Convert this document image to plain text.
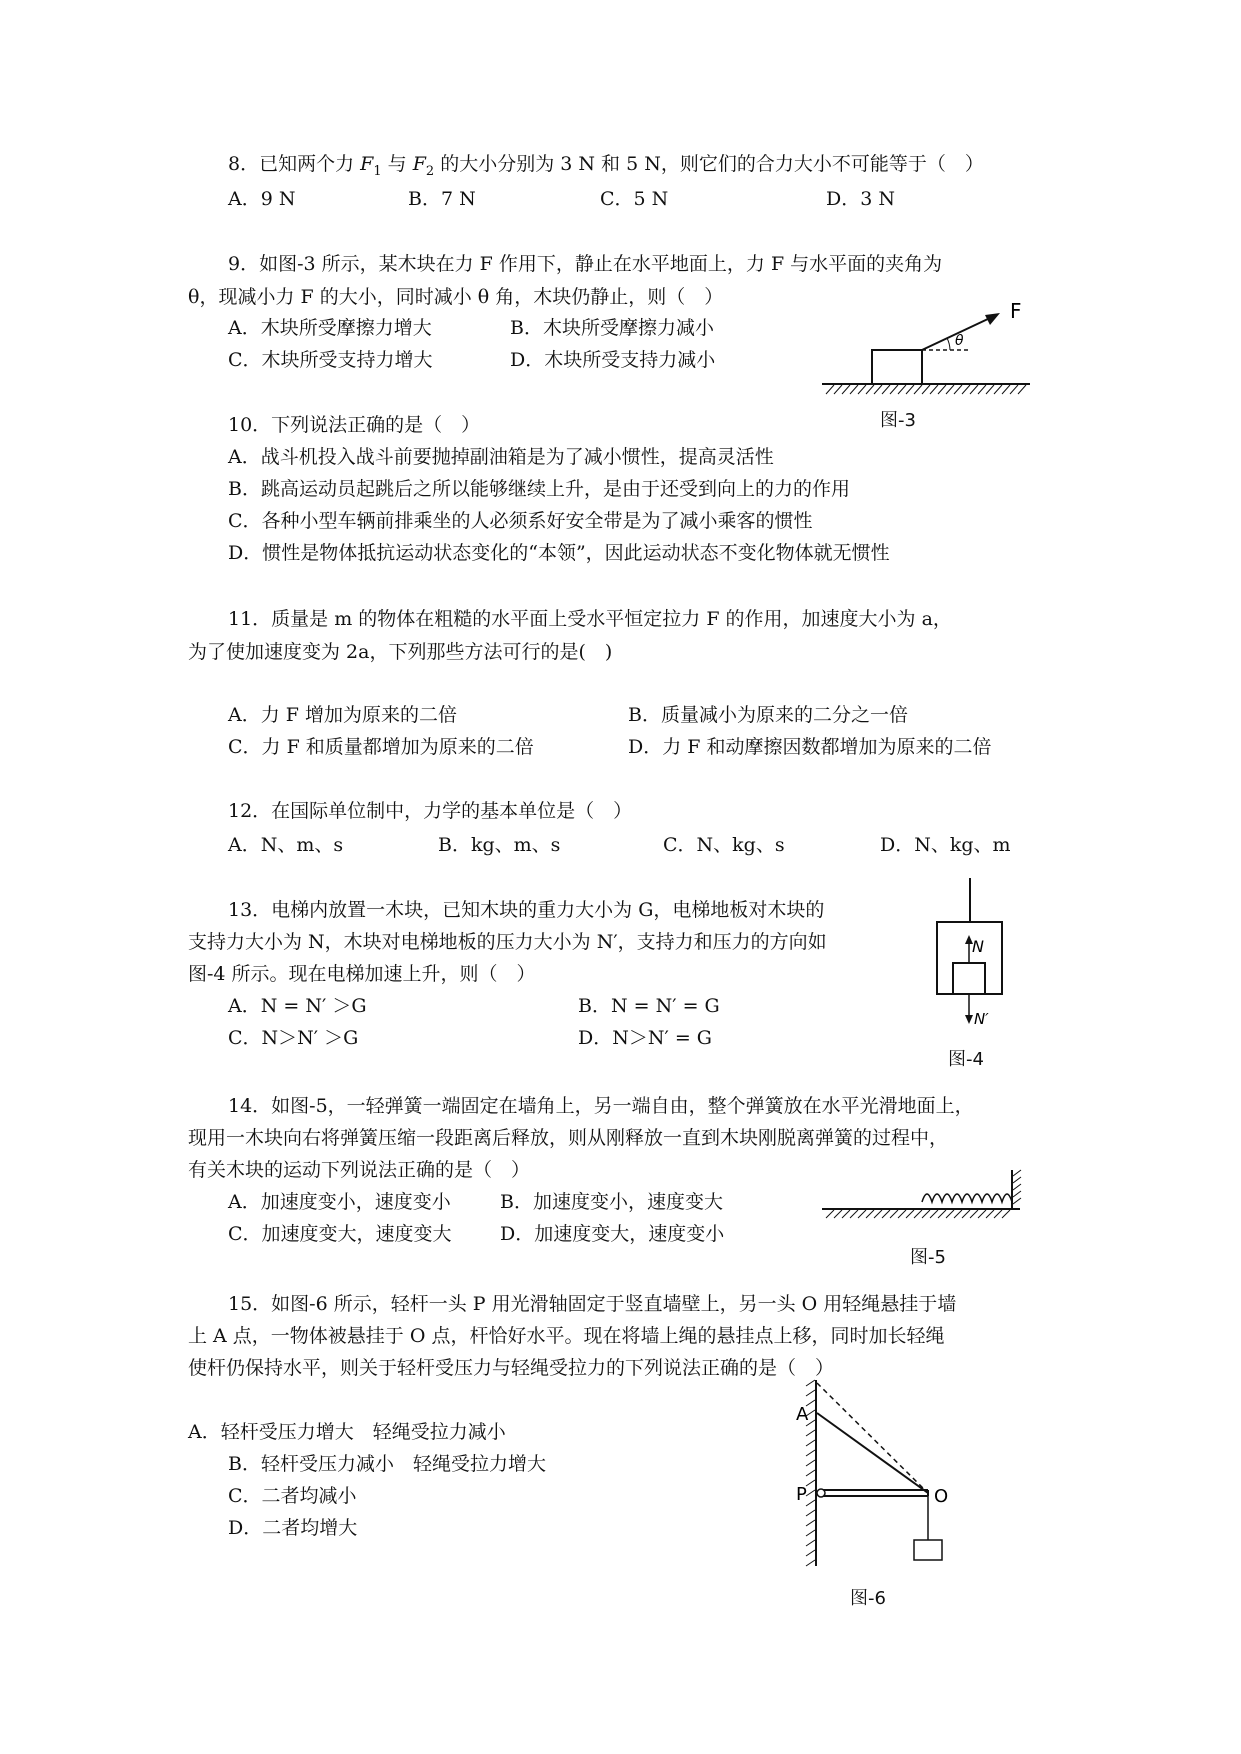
8．已知两个力 $F_1$ 与 $F_2$ 的大小分别为 3 N 和 5 N，则它们的合力大小不可能等于（　）
A．9 N	B．7 N	C．5 N	D．3 N
9．如图-3 所示，某木块在力 F 作用下，静止在水平地面上，力 F 与水平面的夹角为
θ，现减小力 F 的大小，同时减小 θ 角，木块仍静止，则（　）
A．木块所受摩擦力增大	B．木块所受摩擦力减小
C．木块所受支持力增大	D．木块所受支持力减小
θ
F
图-3
10．下列说法正确的是（　）
A．战斗机投入战斗前要抛掉副油箱是为了减小惯性，提高灵活性
B．跳高运动员起跳后之所以能够继续上升，是由于还受到向上的力的作用
C．各种小型车辆前排乘坐的人必须系好安全带是为了减小乘客的惯性
D．惯性是物体抵抗运动状态变化的“本领”，因此运动状态不变化物体就无惯性
11．质量是 m 的物体在粗糙的水平面上受水平恒定拉力 F 的作用，加速度大小为 a，
为了使加速度变为 2a，下列那些方法可行的是(　)
A．力 F 增加为原来的二倍	B．质量减小为原来的二分之一倍
C．力 F 和质量都增加为原来的二倍	D．力 F 和动摩擦因数都增加为原来的二倍
12．在国际单位制中，力学的基本单位是（　）
A．N、m、s	B．kg、m、s	C．N、kg、s	D．N、kg、m
13．电梯内放置一木块，已知木块的重力大小为 G，电梯地板对木块的
支持力大小为 N，木块对电梯地板的压力大小为 N′，支持力和压力的方向如
图-4 所示。现在电梯加速上升，则（　）
A．N = N′ ＞G	B．N = N′ = G
C．N＞N′ ＞G	D．N＞N′ = G
N
N′
图-4
14．如图-5，一轻弹簧一端固定在墙角上，另一端自由，整个弹簧放在水平光滑地面上，
现用一木块向右将弹簧压缩一段距离后释放，则从刚释放一直到木块刚脱离弹簧的过程中，
有关木块的运动下列说法正确的是（　）
A．加速度变小，速度变小	B．加速度变小，速度变大
C．加速度变大，速度变大	D．加速度变大，速度变小
图-5
15．如图-6 所示，轻杆一头 P 用光滑轴固定于竖直墙壁上，另一头 O 用轻绳悬挂于墙
上 A 点，一物体被悬挂于 O 点，杆恰好水平。现在将墙上绳的悬挂点上移，同时加长轻绳
使杆仍保持水平，则关于轻杆受压力与轻绳受拉力的下列说法正确的是（　）
A．轻杆受压力增大　轻绳受拉力减小
B．轻杆受压力减小　轻绳受拉力增大
C．二者均减小
D．二者均增大
A
P	O
图-6
